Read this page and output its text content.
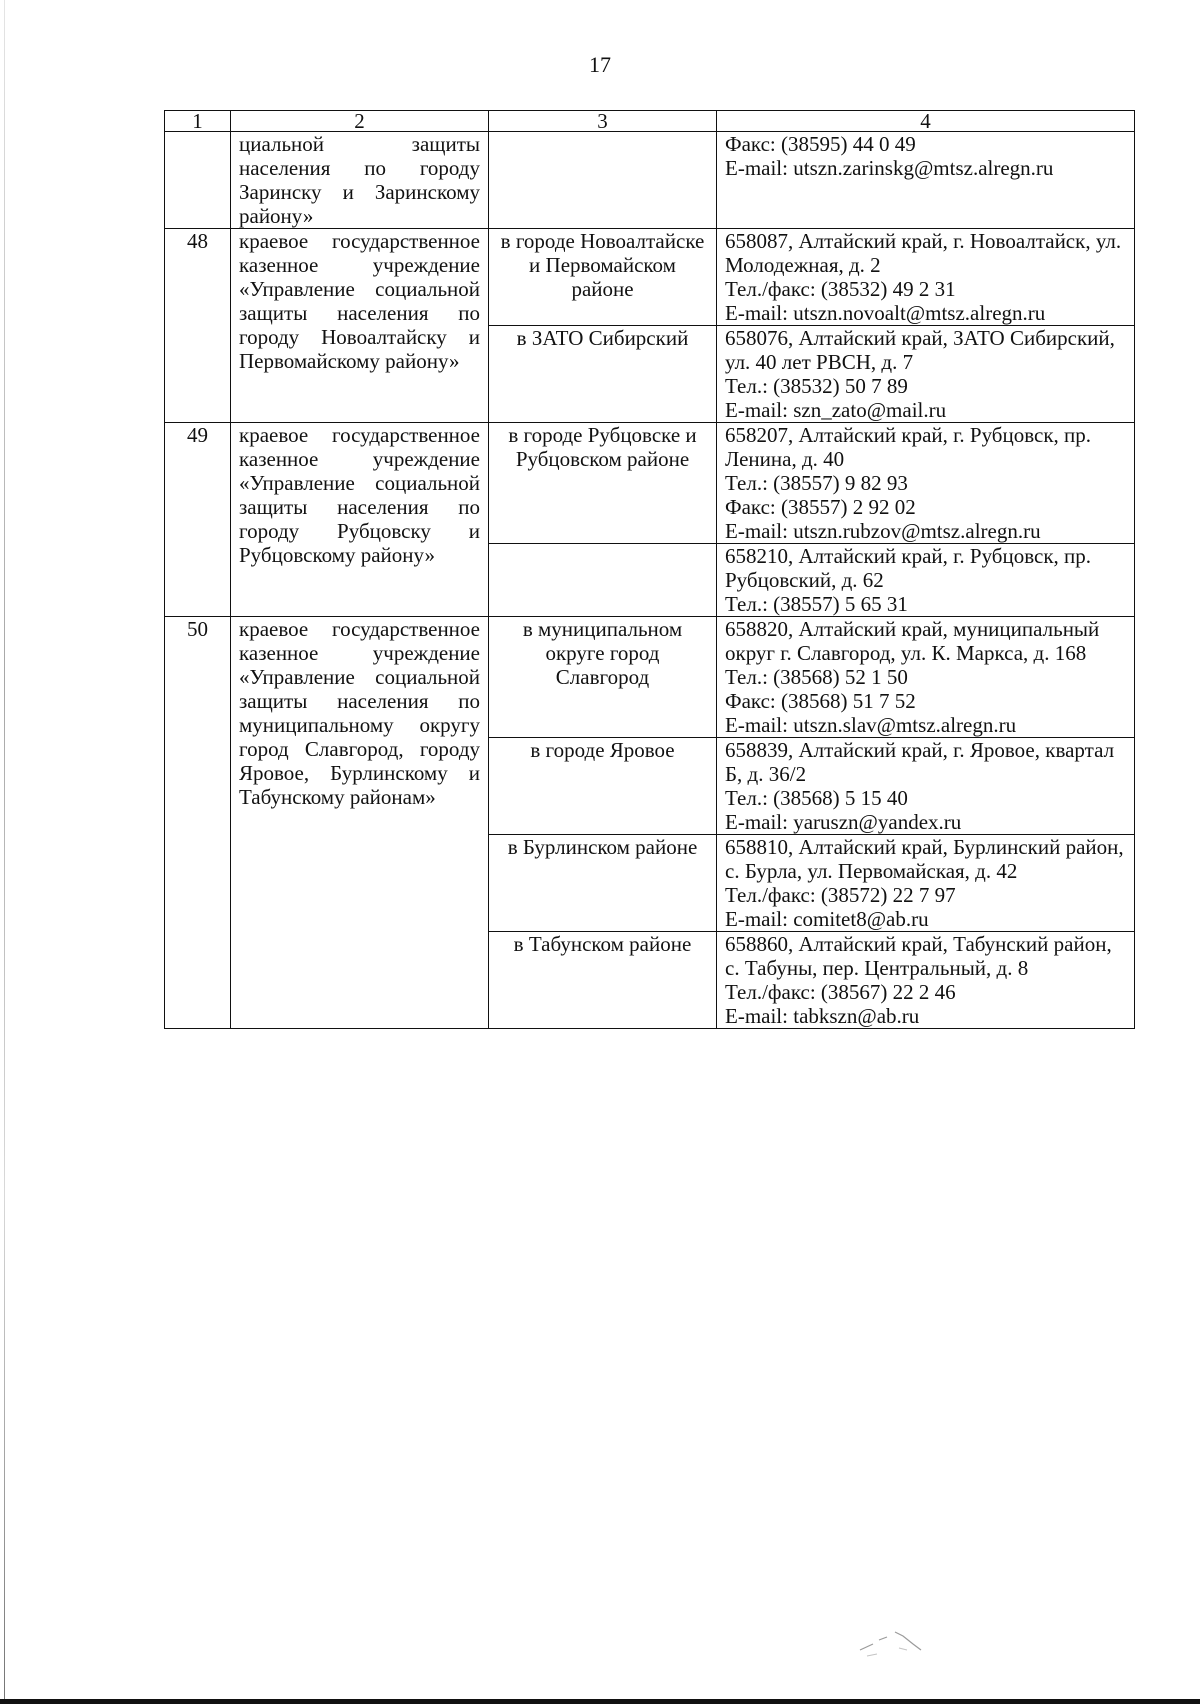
17
1	2	3	4
	циальной защиты населения по городу Заринску и Заринскому району»		Факс: (38595) 44 0 49
E-mail: utszn.zarinskg@mtsz.alregn.ru

48	краевое государственное казенное учреждение «Управление социальной защиты населения по городу Новоалтайску и Первомайскому району»	в городе Новоалтайске и Первомайском районе	658087, Алтайский край, г. Новоалтайск, ул. Молодежная, д. 2
Тел./факс: (38532) 49 2 31
E-mail: utszn.novoalt@mtsz.alregn.ru

		в ЗАТО Сибирский	658076, Алтайский край, ЗАТО Сибирский, ул. 40 лет РВСН, д. 7
Тел.: (38532) 50 7 89
E-mail: szn_zato@mail.ru

49	краевое государственное казенное учреждение «Управление социальной защиты населения по городу Рубцовску и Рубцовскому району»	в городе Рубцовске и Рубцовском районе	658207, Алтайский край, г. Рубцовск, пр. Ленина, д. 40
Тел.: (38557) 9 82 93
Факс: (38557) 2 92 02
E-mail: utszn.rubzov@mtsz.alregn.ru

			658210, Алтайский край, г. Рубцовск, пр. Рубцовский, д. 62
Тел.: (38557) 5 65 31

50	краевое государственное казенное учреждение «Управление социальной защиты населения по муниципальному округу город Славгород, городу Яровое, Бурлинскому и Табунскому районам»	в муниципальном округе город Славгород	658820, Алтайский край, муниципальный округ г. Славгород, ул. К. Маркса, д. 168
Тел.: (38568) 52 1 50
Факс: (38568) 51 7 52
E-mail: utszn.slav@mtsz.alregn.ru

		в городе Яровое	658839, Алтайский край, г. Яровое, квартал Б, д. 36/2
Тел.: (38568) 5 15 40
E-mail: yaruszn@yandex.ru

		в Бурлинском районе	658810, Алтайский край, Бурлинский район, с. Бурла, ул. Первомайская, д. 42
Тел./факс: (38572) 22 7 97
E-mail: comitet8@ab.ru

		в Табунском районе	658860, Алтайский край, Табунский район, с. Табуны, пер. Центральный, д. 8
Тел./факс: (38567) 22 2 46
E-mail: tabkszn@ab.ru
